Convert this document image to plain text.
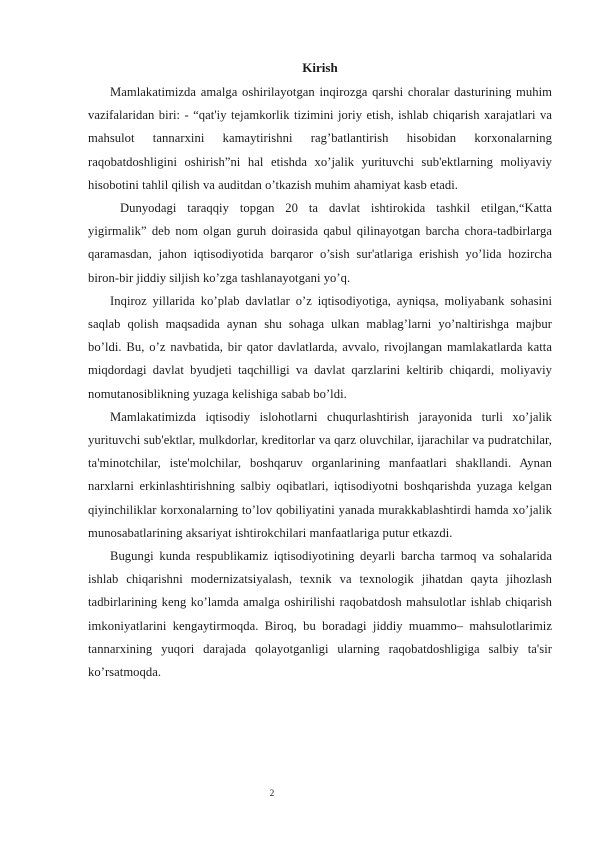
Kirish

Mamlakatimizda amalga oshirilayotgan inqirozga qarshi choralar dasturining muhim vazifalaridan biri: - “qat'iy tejamkorlik tizimini joriy etish, ishlab chiqarish xarajatlari va mahsulot tannarxini kamaytirishni rag’batlantirish hisobidan korxonalarning raqobatdoshligini oshirish”ni hal etishda xo’jalik yurituvchi sub'ektlarning moliyaviy hisobotini tahlil qilish va auditdan o’tkazish muhim ahamiyat kasb etadi.

Dunyodagi taraqqiy topgan 20 ta davlat ishtirokida tashkil etilgan,“Katta yigirmalik” deb nom olgan guruh doirasida qabul qilinayotgan barcha chora-tadbirlarga qaramasdan, jahon iqtisodiyotida barqaror o’sish sur'atlariga erishish yo’lida hozircha biron-bir jiddiy siljish ko’zga tashlanayotgani yo’q.

Inqiroz yillarida ko’plab davlatlar o’z iqtisodiyotiga, ayniqsa, moliyabank sohasini saqlab qolish maqsadida aynan shu sohaga ulkan mablag’larni yo’naltirishga majbur bo’ldi. Bu, o’z navbatida, bir qator davlatlarda, avvalo, rivojlangan mamlakatlarda katta miqdordagi davlat byudjeti taqchilligi va davlat qarzlarini keltirib chiqardi, moliyaviy nomutanosiblikning yuzaga kelishiga sabab bo’ldi.

Mamlakatimizda iqtisodiy islohotlarni chuqurlashtirish jarayonida turli xo’jalik yurituvchi sub'ektlar, mulkdorlar, kreditorlar va qarz oluvchilar, ijarachilar va pudratchilar, ta'minotchilar, iste'molchilar, boshqaruv organlarining manfaatlari shakllandi. Aynan narxlarni erkinlashtirishning salbiy oqibatlari, iqtisodiyotni boshqarishda yuzaga kelgan qiyinchiliklar korxonalarning to’lov qobiliyatini yanada murakkablashtirdi hamda xo’jalik munosabatlarining aksariyat ishtirokchilari manfaatlariga putur etkazdi.

Bugungi kunda respublikamiz iqtisodiyotining deyarli barcha tarmoq va sohalarida ishlab chiqarishni modernizatsiyalash, texnik va texnologik jihatdan qayta jihozlash tadbirlarining keng ko’lamda amalga oshirilishi raqobatdosh mahsulotlar ishlab chiqarish imkoniyatlarini kengaytirmoqda. Biroq, bu boradagi jiddiy muammo– mahsulotlarimiz tannarxining yuqori darajada qolayotganligi ularning raqobatdoshligiga salbiy ta'sir ko’rsatmoqda.

2
